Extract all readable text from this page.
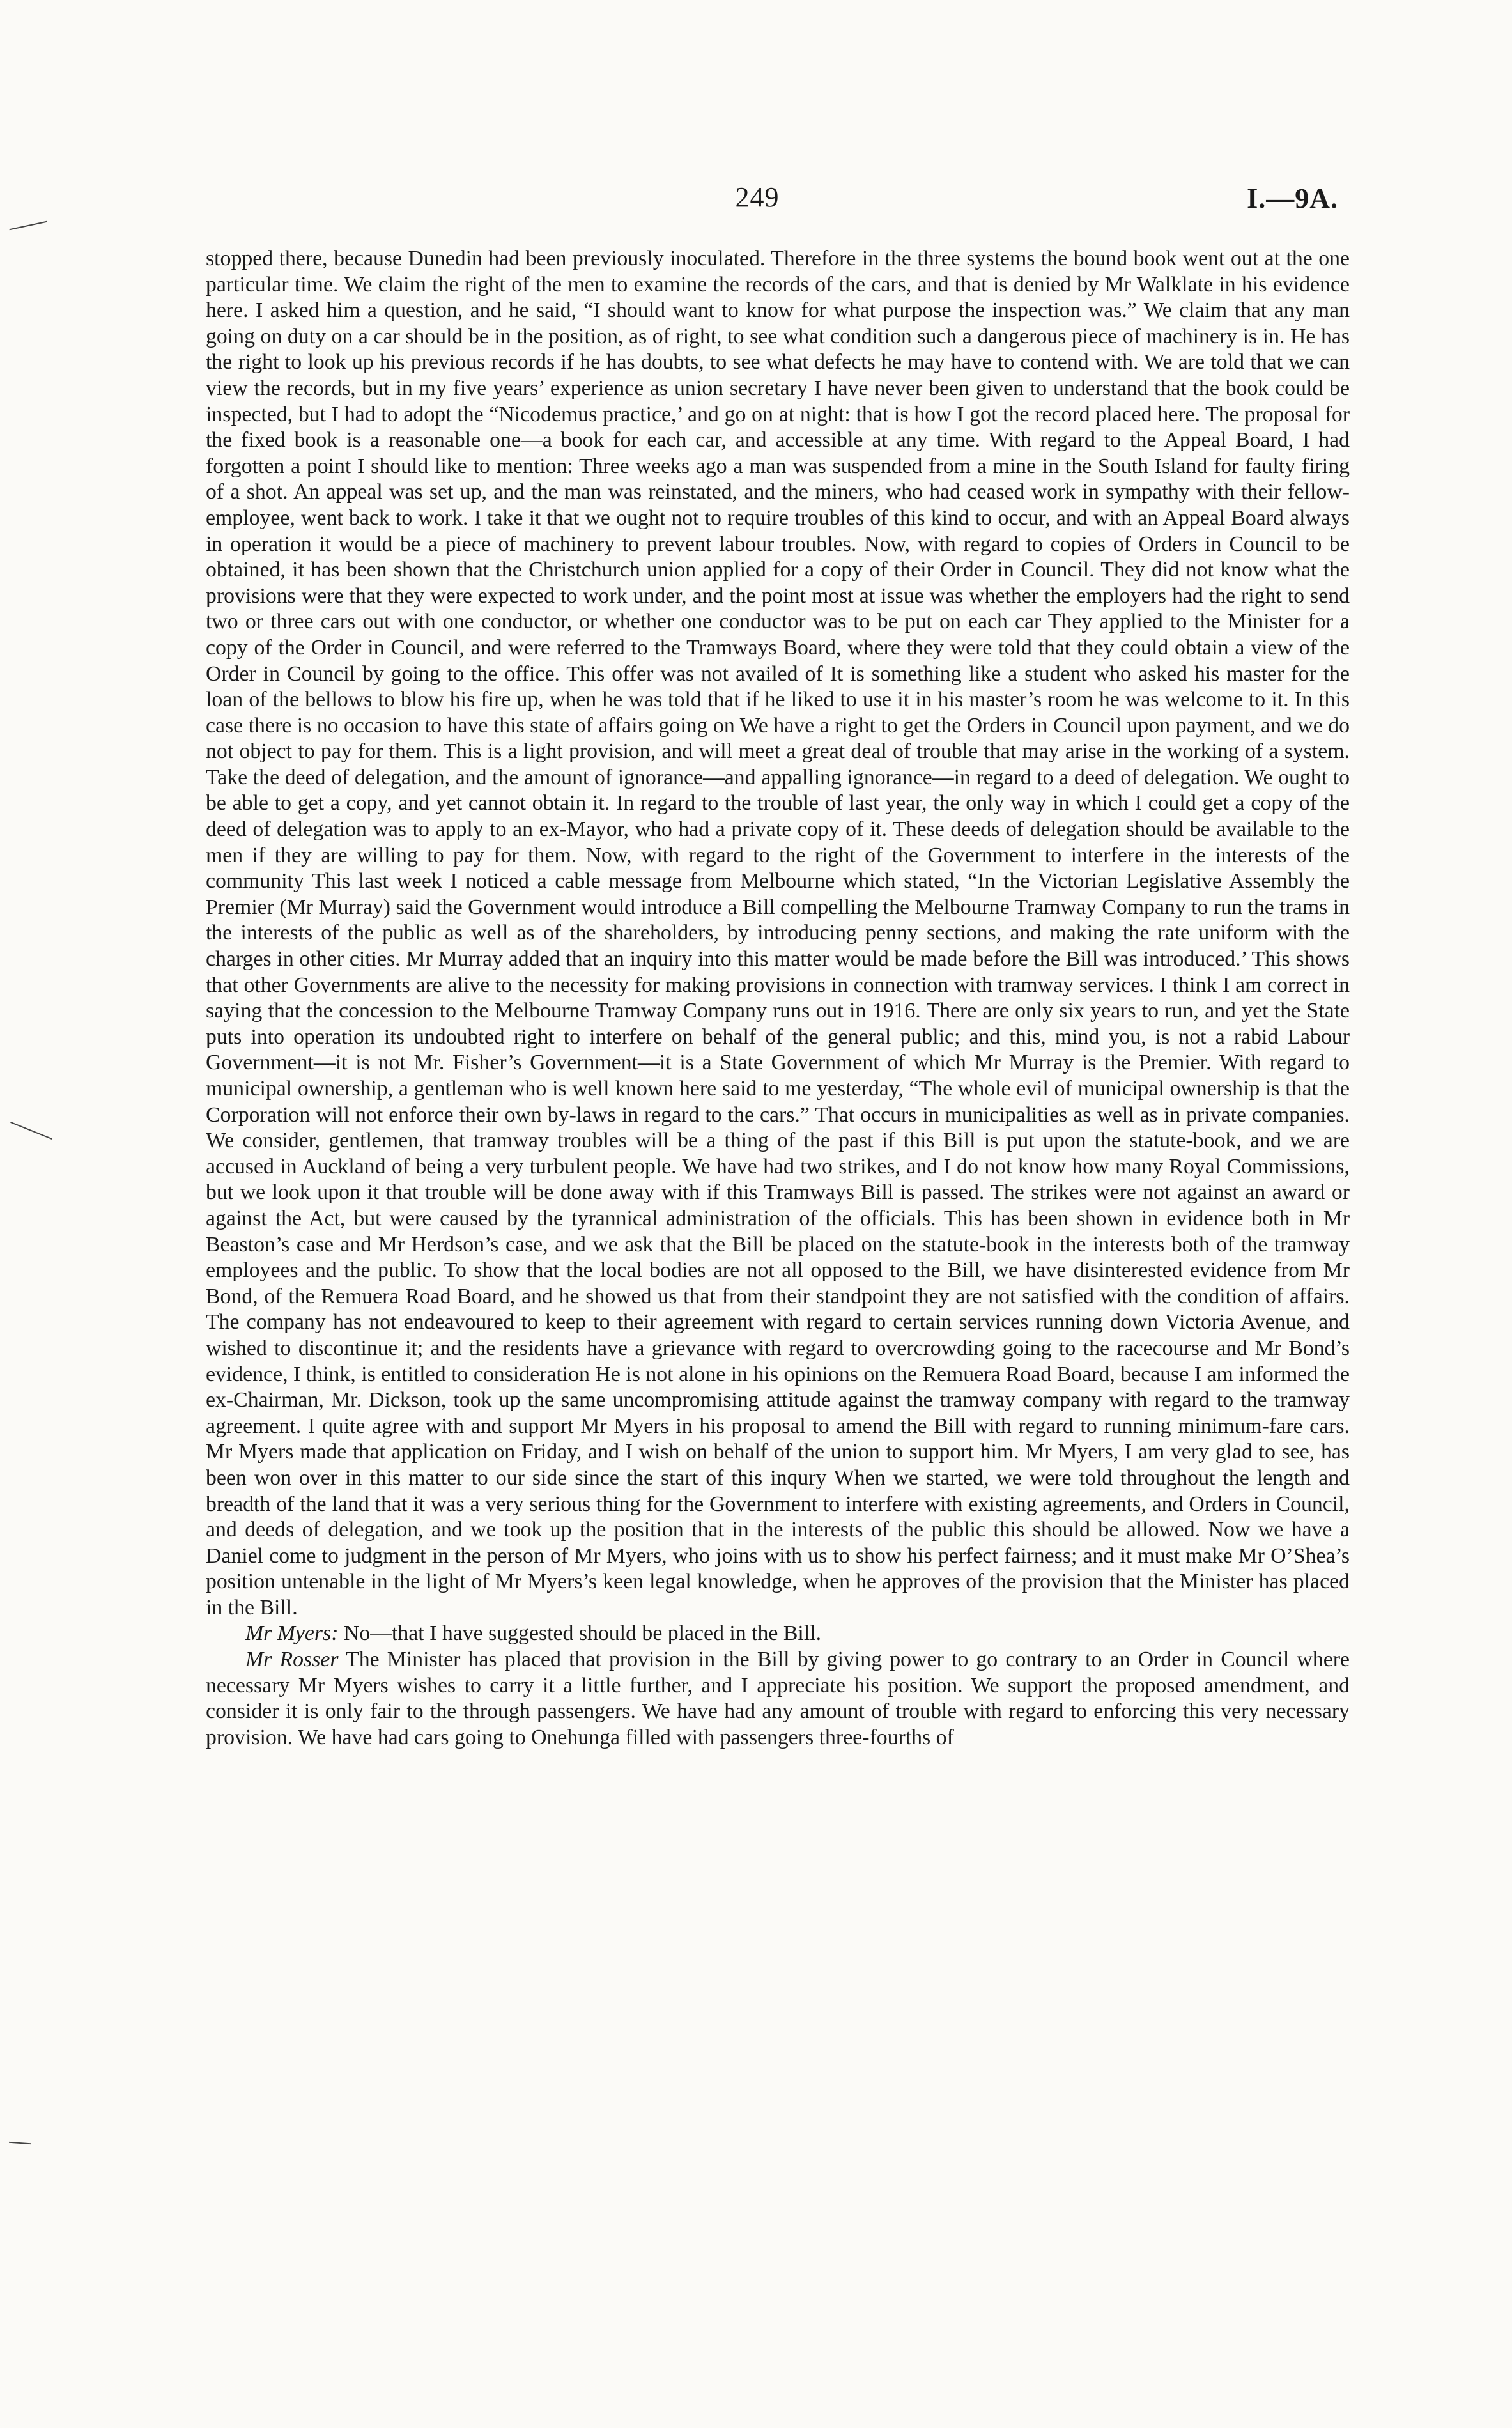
249	I.—9A.

stopped there, because Dunedin had been previously inoculated. Therefore in the three systems the bound book went out at the one particular time. We claim the right of the men to examine the records of the cars, and that is denied by Mr Walklate in his evidence here. I asked him a question, and he said, “I should want to know for what purpose the inspection was.” We claim that any man going on duty on a car should be in the position, as of right, to see what condition such a dangerous piece of machinery is in. He has the right to look up his previous records if he has doubts, to see what defects he may have to contend with. We are told that we can view the records, but in my five years’ experience as union secretary I have never been given to understand that the book could be inspected, but I had to adopt the “Nicodemus practice,’ and go on at night: that is how I got the record placed here. The proposal for the fixed book is a reasonable one—a book for each car, and accessible at any time. With regard to the Appeal Board, I had forgotten a point I should like to mention: Three weeks ago a man was suspended from a mine in the South Island for faulty firing of a shot. An appeal was set up, and the man was reinstated, and the miners, who had ceased work in sympathy with their fellow-employee, went back to work. I take it that we ought not to require troubles of this kind to occur, and with an Appeal Board always in operation it would be a piece of machinery to prevent labour troubles. Now, with regard to copies of Orders in Council to be obtained, it has been shown that the Christchurch union applied for a copy of their Order in Council. They did not know what the provisions were that they were expected to work under, and the point most at issue was whether the employers had the right to send two or three cars out with one conductor, or whether one conductor was to be put on each car They applied to the Minister for a copy of the Order in Council, and were referred to the Tramways Board, where they were told that they could obtain a view of the Order in Council by going to the office. This offer was not availed of It is something like a student who asked his master for the loan of the bellows to blow his fire up, when he was told that if he liked to use it in his master’s room he was welcome to it. In this case there is no occasion to have this state of affairs going on We have a right to get the Orders in Council upon payment, and we do not object to pay for them. This is a light provision, and will meet a great deal of trouble that may arise in the working of a system. Take the deed of delegation, and the amount of ignorance—and appalling ignorance—in regard to a deed of delegation. We ought to be able to get a copy, and yet cannot obtain it. In regard to the trouble of last year, the only way in which I could get a copy of the deed of delegation was to apply to an ex-Mayor, who had a private copy of it. These deeds of delegation should be available to the men if they are willing to pay for them. Now, with regard to the right of the Government to interfere in the interests of the community This last week I noticed a cable message from Melbourne which stated, “In the Victorian Legislative Assembly the Premier (Mr Murray) said the Government would introduce a Bill compelling the Melbourne Tramway Company to run the trams in the interests of the public as well as of the shareholders, by introducing penny sections, and making the rate uniform with the charges in other cities. Mr Murray added that an inquiry into this matter would be made before the Bill was introduced.’ This shows that other Governments are alive to the necessity for making provisions in connection with tramway services. I think I am correct in saying that the concession to the Melbourne Tramway Company runs out in 1916. There are only six years to run, and yet the State puts into operation its undoubted right to interfere on behalf of the general public; and this, mind you, is not a rabid Labour Government—it is not Mr. Fisher’s Government—it is a State Government of which Mr Murray is the Premier. With regard to municipal ownership, a gentleman who is well known here said to me yesterday, “The whole evil of municipal ownership is that the Corporation will not enforce their own by-laws in regard to the cars.” That occurs in municipalities as well as in private companies. We consider, gentlemen, that tramway troubles will be a thing of the past if this Bill is put upon the statute-book, and we are accused in Auckland of being a very turbulent people. We have had two strikes, and I do not know how many Royal Commissions, but we look upon it that trouble will be done away with if this Tramways Bill is passed. The strikes were not against an award or against the Act, but were caused by the tyrannical administration of the officials. This has been shown in evidence both in Mr Beaston’s case and Mr Herdson’s case, and we ask that the Bill be placed on the statute-book in the interests both of the tramway employees and the public. To show that the local bodies are not all opposed to the Bill, we have disinterested evidence from Mr Bond, of the Remuera Road Board, and he showed us that from their standpoint they are not satisfied with the condition of affairs. The company has not endeavoured to keep to their agreement with regard to certain services running down Victoria Avenue, and wished to discontinue it; and the residents have a grievance with regard to overcrowding going to the racecourse and Mr Bond’s evidence, I think, is entitled to consideration He is not alone in his opinions on the Remuera Road Board, because I am informed the ex-Chairman, Mr. Dickson, took up the same uncompromising attitude against the tramway company with regard to the tramway agreement. I quite agree with and support Mr Myers in his proposal to amend the Bill with regard to running minimum-fare cars. Mr Myers made that application on Friday, and I wish on behalf of the union to support him. Mr Myers, I am very glad to see, has been won over in this matter to our side since the start of this inqury When we started, we were told throughout the length and breadth of the land that it was a very serious thing for the Government to interfere with existing agreements, and Orders in Council, and deeds of delegation, and we took up the position that in the interests of the public this should be allowed. Now we have a Daniel come to judgment in the person of Mr Myers, who joins with us to show his perfect fairness; and it must make Mr O’Shea’s position untenable in the light of Mr Myers’s keen legal knowledge, when he approves of the provision that the Minister has placed in the Bill.

Mr Myers: No—that I have suggested should be placed in the Bill.

Mr Rosser The Minister has placed that provision in the Bill by giving power to go contrary to an Order in Council where necessary Mr Myers wishes to carry it a little further, and I appreciate his position. We support the proposed amendment, and consider it is only fair to the through passengers. We have had any amount of trouble with regard to enforcing this very necessary provision. We have had cars going to Onehunga filled with passengers three-fourths of
